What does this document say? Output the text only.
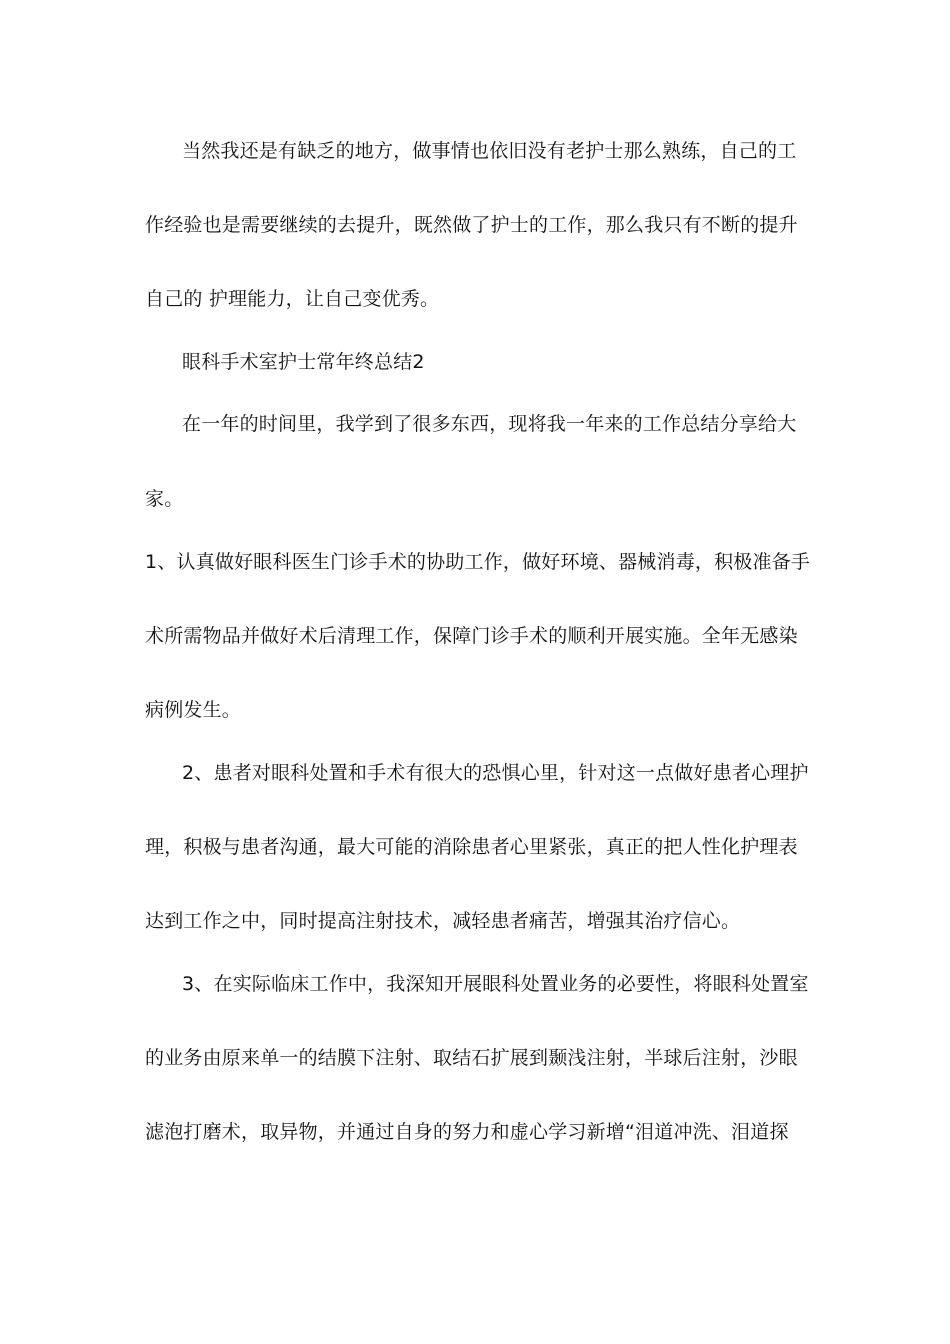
当然我还是有缺乏的地方，做事情也依旧没有老护士那么熟练，自己的工
作经验也是需要继续的去提升，既然做了护士的工作，那么我只有不断的提升
自己的 护理能力，让自己变优秀。
眼科手术室护士常年终总结2
在一年的时间里，我学到了很多东西，现将我一年来的工作总结分享给大
家。
1、认真做好眼科医生门诊手术的协助工作，做好环境、器械消毒，积极准备手
术所需物品并做好术后清理工作，保障门诊手术的顺利开展实施。全年无感染
病例发生。
2、患者对眼科处置和手术有很大的恐惧心里，针对这一点做好患者心理护
理，积极与患者沟通，最大可能的消除患者心里紧张，真正的把人性化护理表
达到工作之中，同时提高注射技术，减轻患者痛苦，增强其治疗信心。
3、在实际临床工作中，我深知开展眼科处置业务的必要性，将眼科处置室
的业务由原来单一的结膜下注射、取结石扩展到颞浅注射，半球后注射，沙眼
滤泡打磨术，取异物，并通过自身的努力和虚心学习新增“泪道冲洗、泪道探
